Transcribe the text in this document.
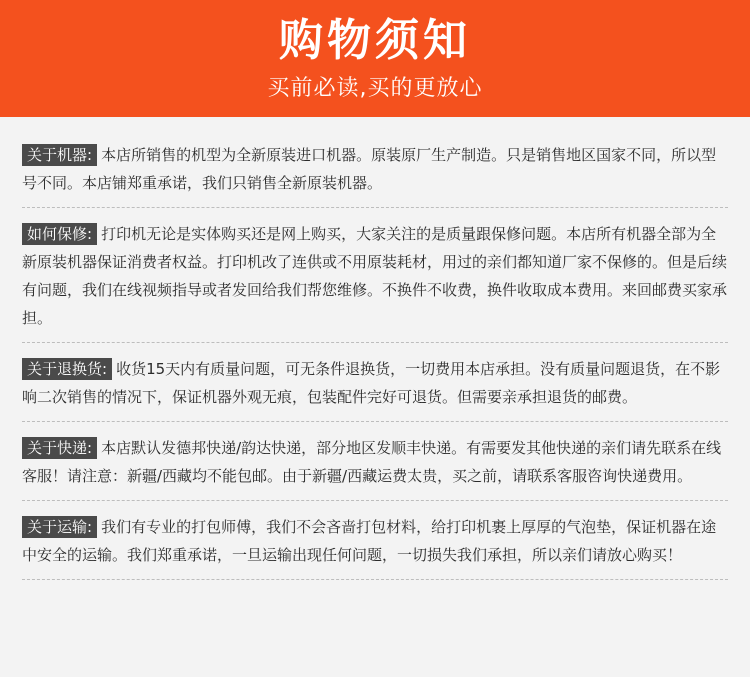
购物须知
买前必读,买的更放心
关于机器: 本店所销售的机型为全新原装进口机器。原装原厂生产制造。只是销售地区国家不同，所以型号不同。本店铺郑重承诺，我们只销售全新原装机器。
如何保修: 打印机无论是实体购买还是网上购买，大家关注的是质量跟保修问题。本店所有机器全部为全新原装机器保证消费者权益。打印机改了连供或不用原装耗材，用过的亲们都知道厂家不保修的。但是后续有问题，我们在线视频指导或者发回给我们帮您维修。不换件不收费，换件收取成本费用。来回邮费买家承担。
关于退换货: 收货15天内有质量问题，可无条件退换货，一切费用本店承担。没有质量问题退货，在不影响二次销售的情况下，保证机器外观无痕，包装配件完好可退货。但需要亲承担退货的邮费。
关于快递: 本店默认发德邦快递/韵达快递，部分地区发顺丰快递。有需要发其他快递的亲们请先联系在线客服！请注意：新疆/西藏均不能包邮。由于新疆/西藏运费太贵，买之前，请联系客服咨询快递费用。
关于运输: 我们有专业的打包师傅，我们不会吝啬打包材料，给打印机裹上厚厚的气泡垫，保证机器在途中安全的运输。我们郑重承诺，一旦运输出现任何问题，一切损失我们承担，所以亲们请放心购买！
